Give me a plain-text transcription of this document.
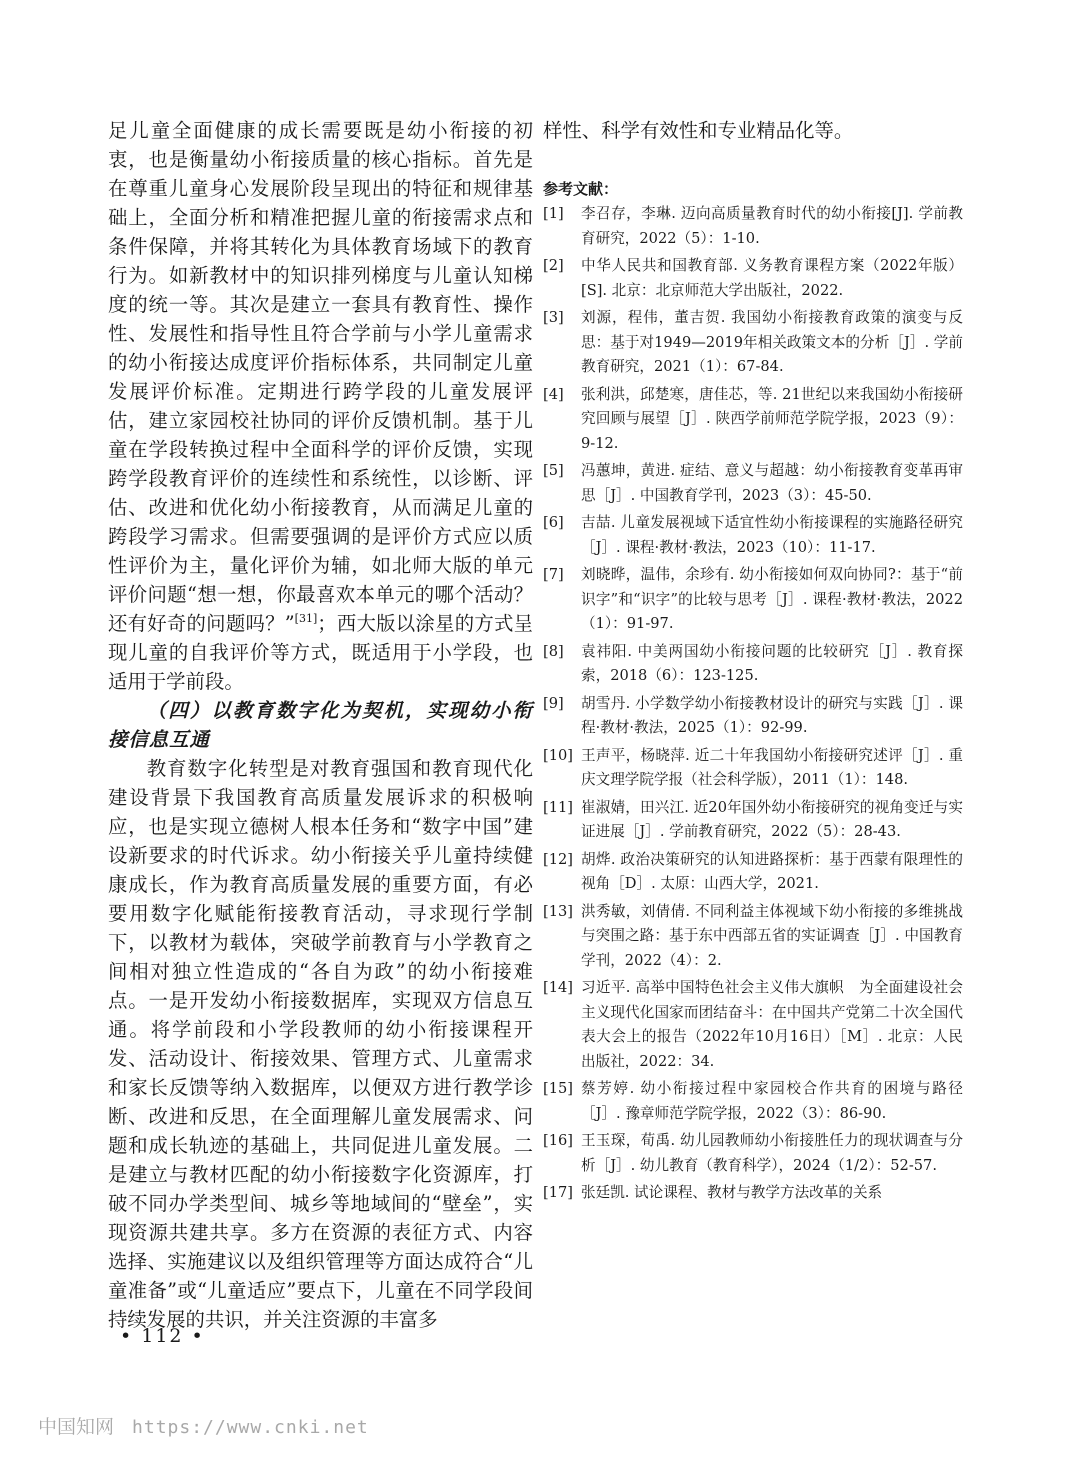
足儿童全面健康的成长需要既是幼小衔接的初衷，也是衡量幼小衔接质量的核心指标。首先是在尊重儿童身心发展阶段呈现出的特征和规律基础上，全面分析和精准把握儿童的衔接需求点和条件保障，并将其转化为具体教育场域下的教育行为。如新教材中的知识排列梯度与儿童认知梯度的统一等。其次是建立一套具有教育性、操作性、发展性和指导性且符合学前与小学儿童需求的幼小衔接达成度评价指标体系，共同制定儿童发展评价标准。定期进行跨学段的儿童发展评估，建立家园校社协同的评价反馈机制。基于儿童在学段转换过程中全面科学的评价反馈，实现跨学段教育评价的连续性和系统性，以诊断、评估、改进和优化幼小衔接教育，从而满足儿童的跨段学习需求。但需要强调的是评价方式应以质性评价为主，量化评价为辅，如北师大版的单元评价问题“想一想，你最喜欢本单元的哪个活动？还有好奇的问题吗？”[31]；西大版以涂星的方式呈现儿童的自我评价等方式，既适用于小学段，也适用于学前段。

（四）以教育数字化为契机，实现幼小衔接信息互通

教育数字化转型是对教育强国和教育现代化建设背景下我国教育高质量发展诉求的积极响应，也是实现立德树人根本任务和“数字中国”建设新要求的时代诉求。幼小衔接关乎儿童持续健康成长，作为教育高质量发展的重要方面，有必要用数字化赋能衔接教育活动，寻求现行学制下，以教材为载体，突破学前教育与小学教育之间相对独立性造成的“各自为政”的幼小衔接难点。一是开发幼小衔接数据库，实现双方信息互通。将学前段和小学段教师的幼小衔接课程开发、活动设计、衔接效果、管理方式、儿童需求和家长反馈等纳入数据库，以便双方进行教学诊断、改进和反思，在全面理解儿童发展需求、问题和成长轨迹的基础上，共同促进儿童发展。二是建立与教材匹配的幼小衔接数字化资源库，打破不同办学类型间、城乡等地域间的“壁垒”，实现资源共建共享。多方在资源的表征方式、内容选择、实施建议以及组织管理等方面达成符合“儿童准备”或“儿童适应”要点下，儿童在不同学段间持续发展的共识，并关注资源的丰富多

样性、科学有效性和专业精品化等。

参考文献：
[1]	李召存，李琳. 迈向高质量教育时代的幼小衔接[J]. 学前教育研究，2022（5）：1-10.
[2]	中华人民共和国教育部. 义务教育课程方案（2022年版）[S]. 北京：北京师范大学出版社，2022.
[3]	刘源，程伟，董吉贺. 我国幼小衔接教育政策的演变与反思：基于对1949—2019年相关政策文本的分析［J］. 学前教育研究，2021（1）：67-84.
[4]	张利洪，邱楚寒，唐佳芯，等. 21世纪以来我国幼小衔接研究回顾与展望［J］. 陕西学前师范学院学报，2023（9）：9-12.
[5]	冯蕙坤，黄进. 症结、意义与超越：幼小衔接教育变革再审思［J］. 中国教育学刊，2023（3）：45-50.
[6]	吉喆. 儿童发展视域下适宜性幼小衔接课程的实施路径研究［J］. 课程·教材·教法，2023（10）：11-17.
[7]	刘晓晔，温伟，余珍有. 幼小衔接如何双向协同?：基于“前识字”和“识字”的比较与思考［J］. 课程·教材·教法，2022（1）：91-97.
[8]	袁祎阳. 中美两国幼小衔接问题的比较研究［J］. 教育探索，2018（6）：123-125.
[9]	胡雪丹. 小学数学幼小衔接教材设计的研究与实践［J］. 课程·教材·教法，2025（1）：92-99.
[10] 王声平，杨晓萍. 近二十年我国幼小衔接研究述评［J］. 重庆文理学院学报（社会科学版），2011（1）：148.
[11] 崔淑婧，田兴江. 近20年国外幼小衔接研究的视角变迁与实证进展［J］. 学前教育研究，2022（5）：28-43.
[12] 胡烨. 政治决策研究的认知进路探析：基于西蒙有限理性的视角［D］. 太原：山西大学，2021.
[13] 洪秀敏，刘倩倩. 不同利益主体视域下幼小衔接的多维挑战与突围之路：基于东中西部五省的实证调查［J］. 中国教育学刊，2022（4）：2.
[14] 习近平. 高举中国特色社会主义伟大旗帜　为全面建设社会主义现代化国家而团结奋斗：在中国共产党第二十次全国代表大会上的报告（2022年10月16日）［M］. 北京：人民出版社，2022：34.
[15] 蔡芳婷. 幼小衔接过程中家园校合作共育的困境与路径［J］. 豫章师范学院学报，2022（3）：86-90.
[16] 王玉琛，荀禹. 幼儿园教师幼小衔接胜任力的现状调查与分析［J］. 幼儿教育（教育科学），2024（1/2）：52-57.
[17] 张廷凯. 试论课程、教材与教学方法改革的关系
• 112 •
中国知网 https://www.cnki.net
